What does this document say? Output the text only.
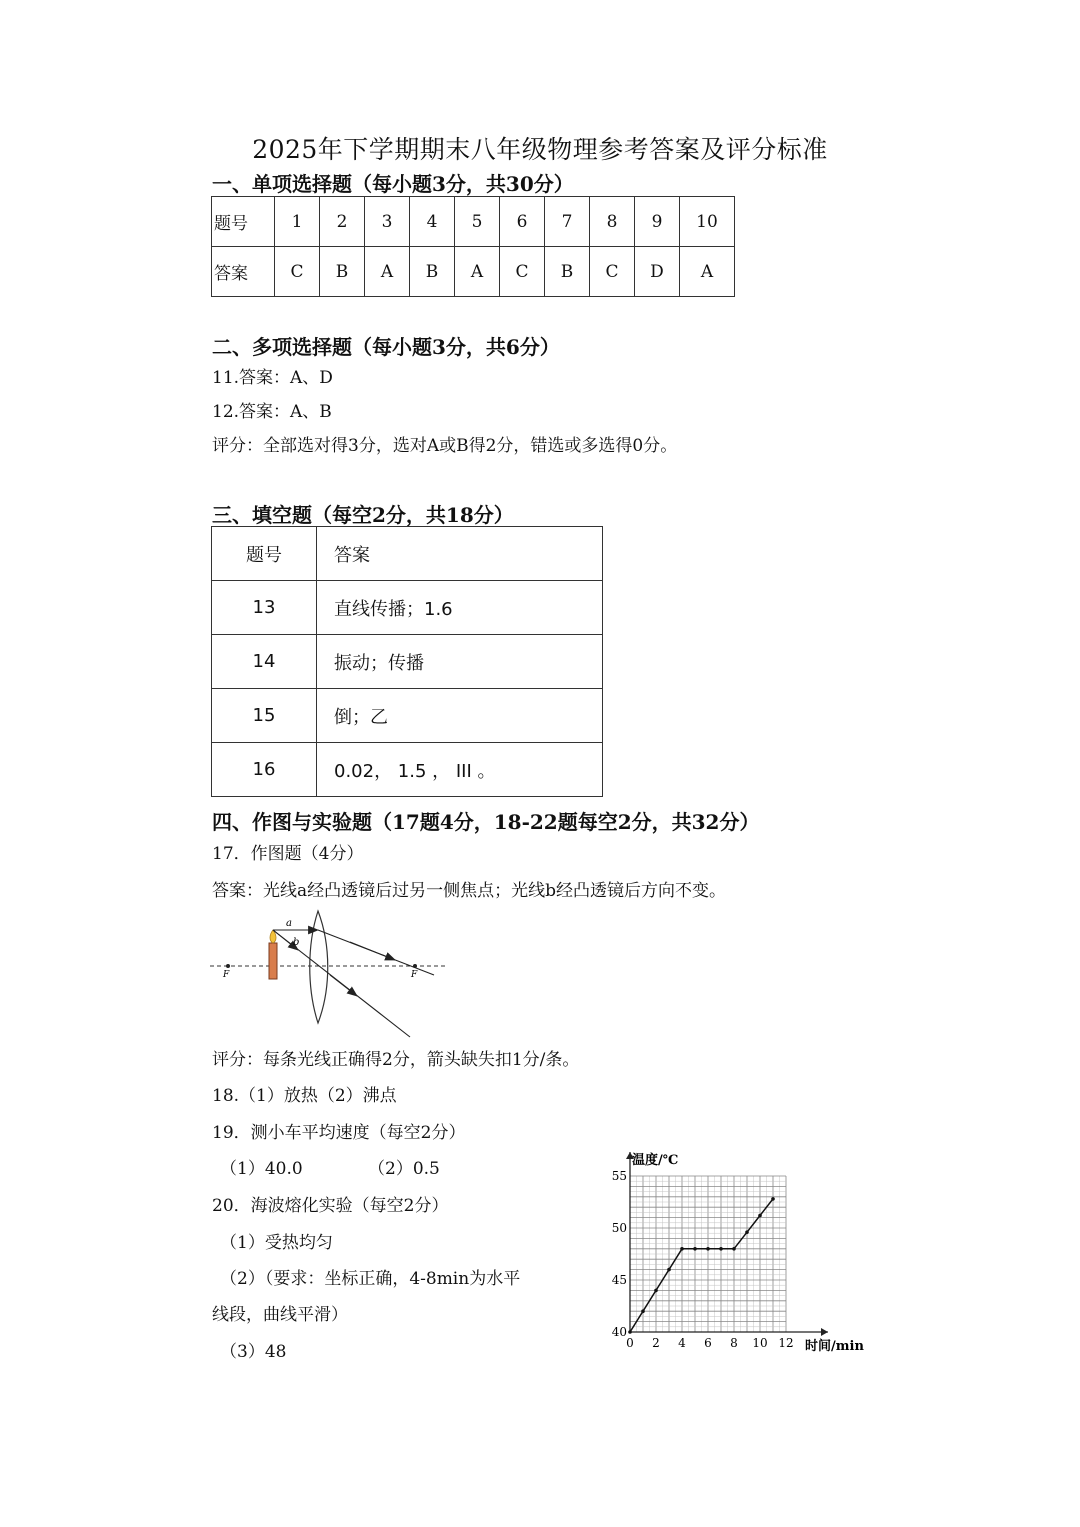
2025年下学期期末八年级物理参考答案及评分标准
一、单项选择题（每小题3分，共30分）
题号	1	2	3	4	5	6	7	8	9	10
答案	C	B	A	B	A	C	B	C	D	A
二、多项选择题（每小题3分，共6分）
11.答案：A、D
12.答案：A、B
评分：全部选对得3分，选对A或B得2分，错选或多选得0分。
三、填空题（每空2分，共18分）
题号	答案
13	直线传播；1.6
14	振动；传播
15	倒；乙
16	0.02， 1.5 ， III 。
四、作图与实验题（17题4分，18-22题每空2分，共32分）
17．作图题（4分）
答案：光线a经凸透镜后过另一侧焦点；光线b经凸透镜后方向不变。
F	F
a
b
评分：每条光线正确得2分，箭头缺失扣1分/条。
18.（1）放热（2）沸点
19．测小车平均速度（每空2分）
（1）40.0	（2）0.5
20．海波熔化实验（每空2分）
（1）受热均匀
（2）（要求：坐标正确，4-8min为水平
线段，曲线平滑）
（3）48	0 2 4 6 8 10 12
40
45
50
55
温度/℃
时间/min
